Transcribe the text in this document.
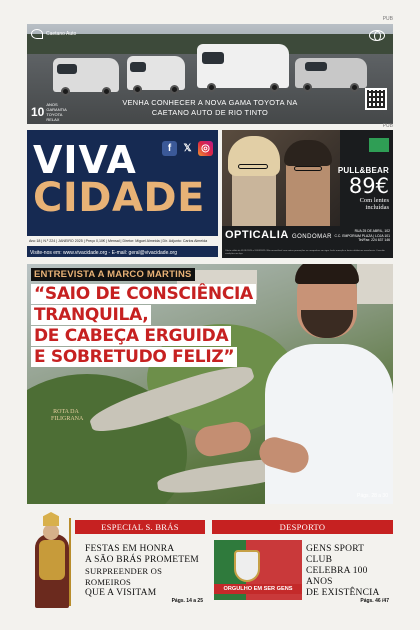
PUB
Caetano Auto
10
ANOS GARANTIA TOYOTA RELAX
VENHA CONHECER A NOVA GAMA TOYOTA NA
CAETANO AUTO DE RIO TINTO
VIVA
CIDADE
f	𝕏 ◎
Ano 18 | N.º 224 | JANEIRO 2025 | Preço 0,10€ | Mensal | Diretor: Miguel Almeida | Dir. Adjunto: Carlos Almeida
Visite-nos em: www.vivacidade.org - E-mail: geral@vivacidade.org
PUB
PULL&BEAR
89€
Com lentes
incluídas
OPTICALIA GONDOMAR
RUA 25 DE ABRIL, 102
C.C. EMPORIUM PLAZA | LOJA 101
Tel/Fax: 224 637 146
Oferta válida de 01/01/2025 a 31/03/2025. Não acumulável com outras promoções ou campanhas em vigor. Inclui armação e lentes oftálmicas monofocais. Consulte condições em loja.
ENTREVISTA A MARCO MARTINS
“SAIO DE CONSCIÊNCIA
TRANQUILA,
DE CABEÇA ERGUIDA
E SOBRETUDO FELIZ”
ROTA DA FILIGRANA
Págs. 28 a 30
ESPECIAL S. BRÁS
FESTAS EM HONRA
A SÃO BRÁS PROMETEM
SURPREENDER OS ROMEIROS
QUE A VISITAM
Págs. 14 a 25
DESPORTO
ORGULHO EM SER GENS
GENS SPORT CLUB
CELEBRA 100 ANOS
DE EXISTÊNCIA
Págs. 46 /47
